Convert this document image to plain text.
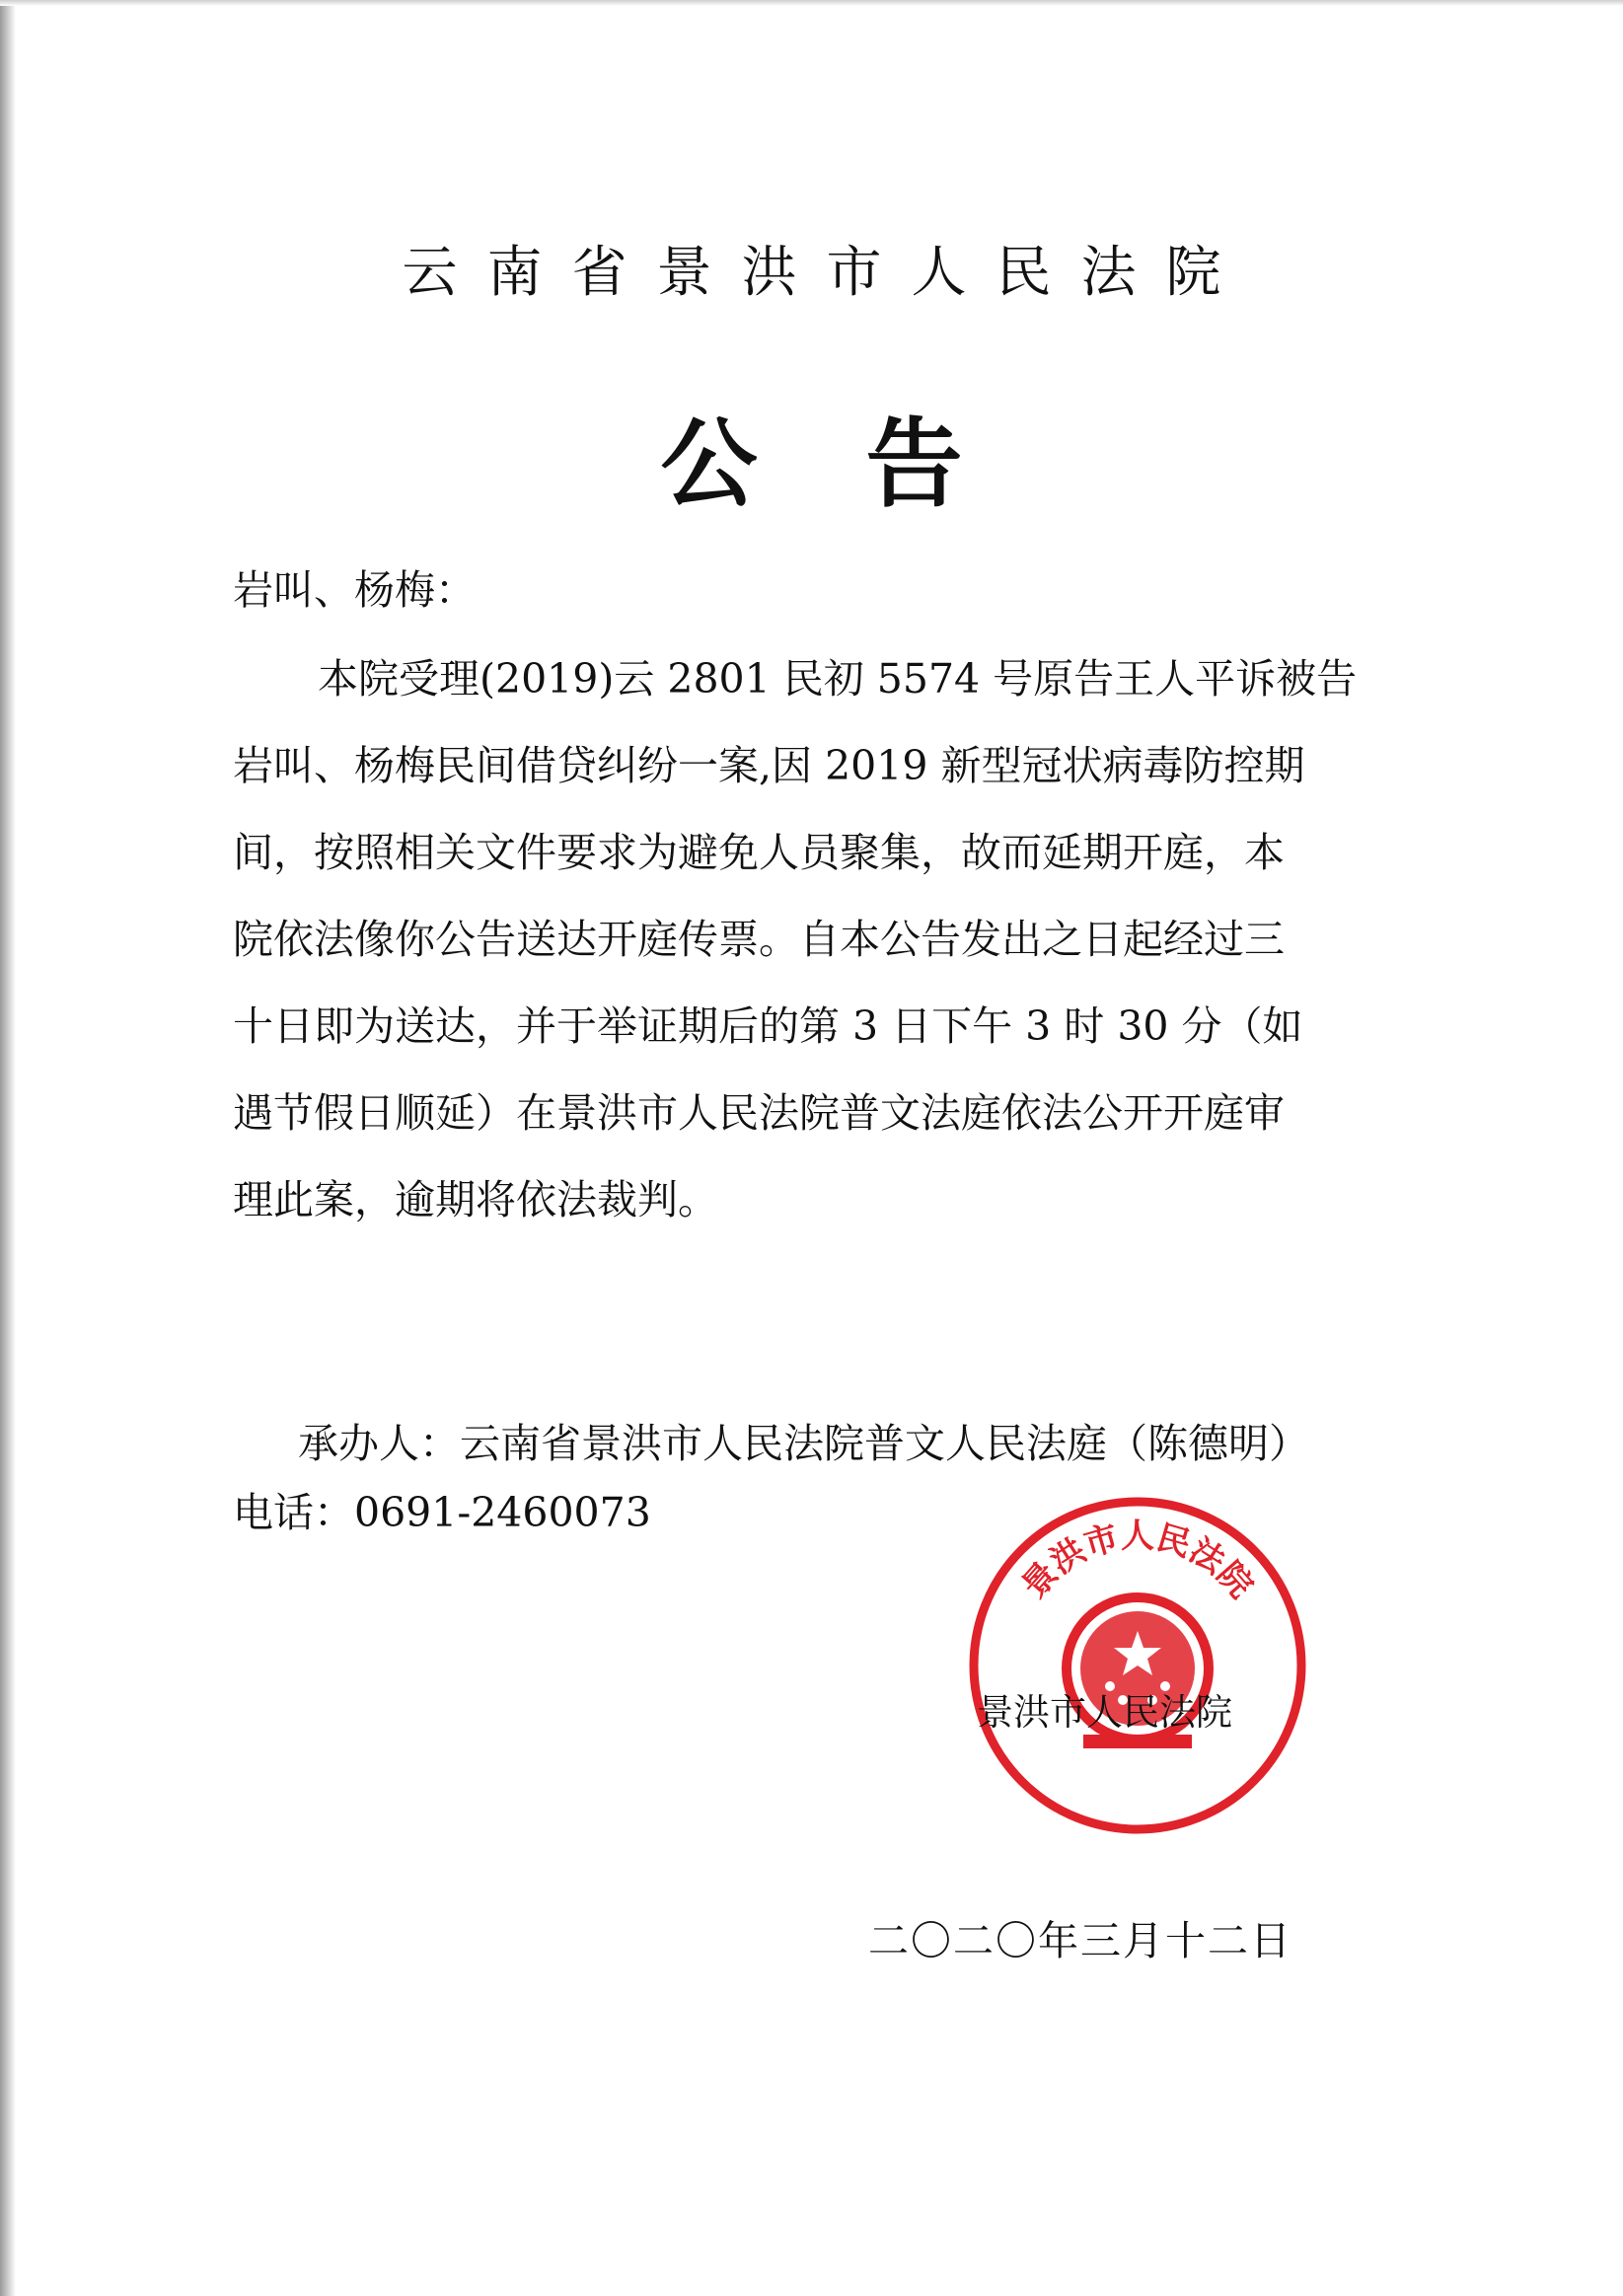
云南省景洪市人民法院
公告
岩叫、杨梅：
本院受理(2019)云 2801 民初 5574 号原告王人平诉被告
岩叫、杨梅民间借贷纠纷一案,因 2019 新型冠状病毒防控期
间，按照相关文件要求为避免人员聚集，故而延期开庭，本
院依法像你公告送达开庭传票。自本公告发出之日起经过三
十日即为送达，并于举证期后的第 3 日下午 3 时 30 分（如
遇节假日顺延）在景洪市人民法院普文法庭依法公开开庭审
理此案，逾期将依法裁判。
承办人：云南省景洪市人民法院普文人民法庭（陈德明）
电话：0691-2460073
景洪市人民法院
景洪市人民法院
二〇二〇年三月十二日
